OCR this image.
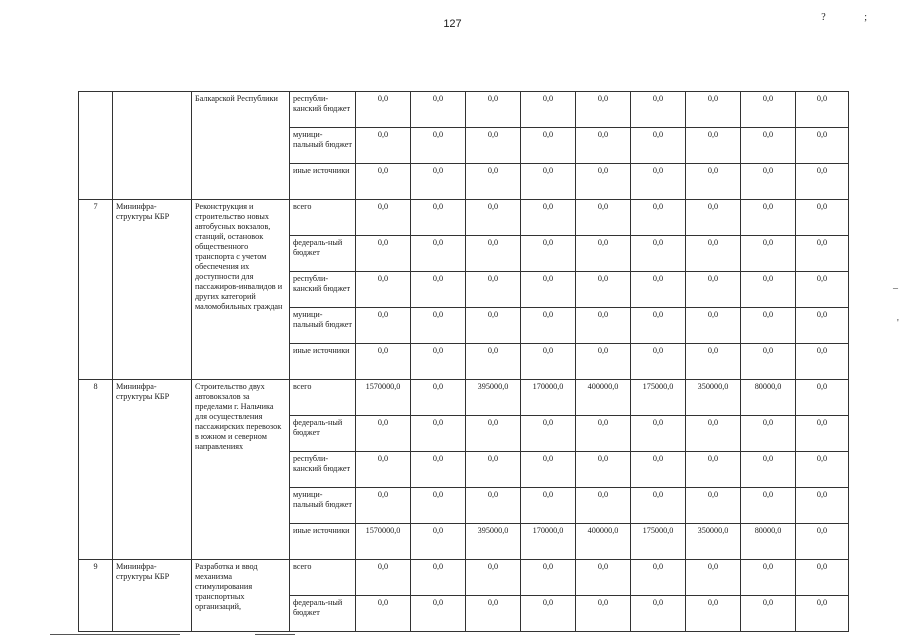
127
? ;
–
'
		Балкарской Республики	республи-канский бюджет	0,0	0,0	0,0	0,0	0,0	0,0	0,0	0,0	0,0
			муници-пальный бюджет	0,0	0,0	0,0	0,0	0,0	0,0	0,0	0,0	0,0
			иные источники	0,0	0,0	0,0	0,0	0,0	0,0	0,0	0,0	0,0
7	Мининфра-структуры КБР	Реконструкция и строительство новых автобусных вокзалов, станций, остановок общественного транспорта с учетом обеспечения их доступности для пассажиров-инвалидов и других категорий маломобильных граждан	всего	0,0	0,0	0,0	0,0	0,0	0,0	0,0	0,0	0,0
			федераль-ный бюджет	0,0	0,0	0,0	0,0	0,0	0,0	0,0	0,0	0,0
			республи-канский бюджет	0,0	0,0	0,0	0,0	0,0	0,0	0,0	0,0	0,0
			муници-пальный бюджет	0,0	0,0	0,0	0,0	0,0	0,0	0,0	0,0	0,0
			иные источники	0,0	0,0	0,0	0,0	0,0	0,0	0,0	0,0	0,0
8	Мининфра-структуры КБР	Строительство двух автовокзалов за пределами г. Нальчика для осуществления пассажирских перевозок в южном и северном направлениях	всего	1570000,0	0,0	395000,0	170000,0	400000,0	175000,0	350000,0	80000,0	0,0
			федераль-ный бюджет	0,0	0,0	0,0	0,0	0,0	0,0	0,0	0,0	0,0
			республи-канский бюджет	0,0	0,0	0,0	0,0	0,0	0,0	0,0	0,0	0,0
			муници-пальный бюджет	0,0	0,0	0,0	0,0	0,0	0,0	0,0	0,0	0,0
			иные источники	1570000,0	0,0	395000,0	170000,0	400000,0	175000,0	350000,0	80000,0	0,0
9	Мининфра-структуры КБР	Разработка и ввод механизма стимулирования транспортных организаций,	всего	0,0	0,0	0,0	0,0	0,0	0,0	0,0	0,0	0,0
			федераль-ный бюджет	0,0	0,0	0,0	0,0	0,0	0,0	0,0	0,0	0,0
